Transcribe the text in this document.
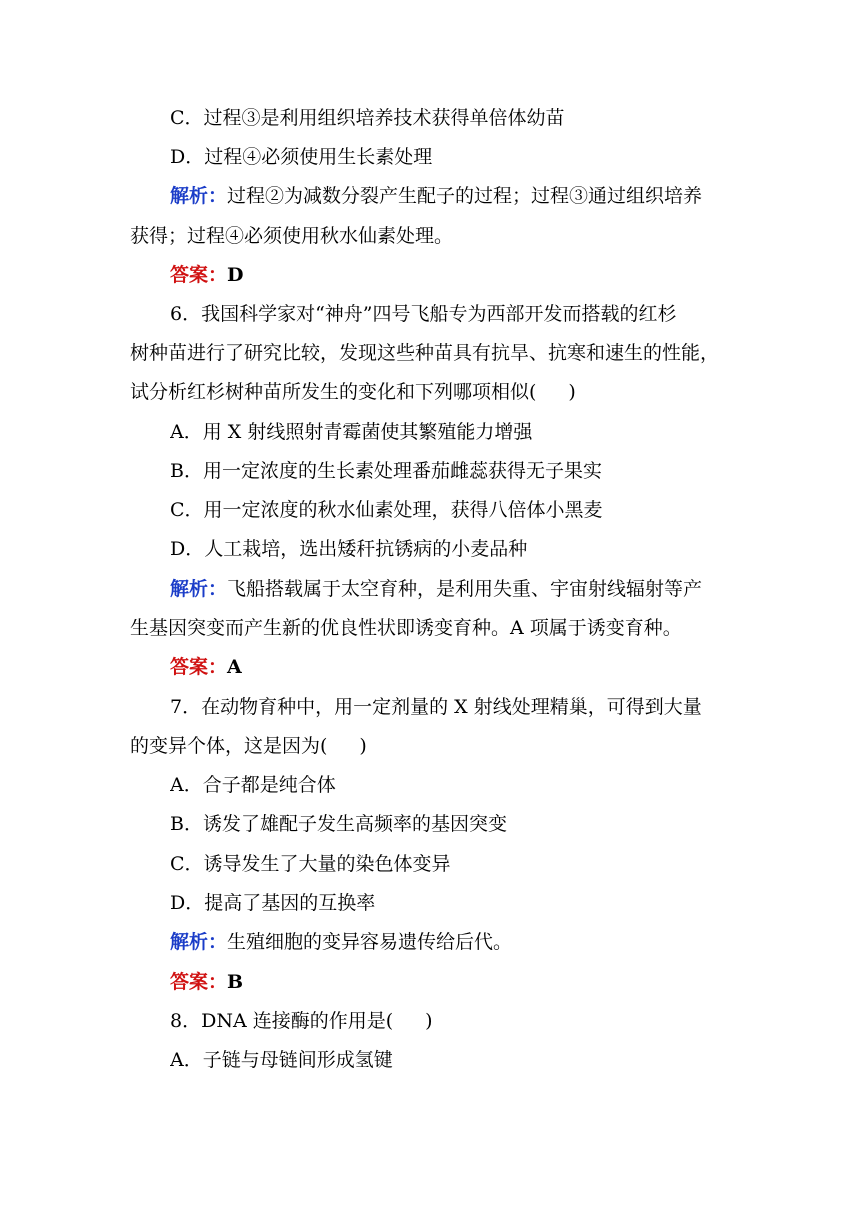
C．过程③是利用组织培养技术获得单倍体幼苗
D．过程④必须使用生长素处理
解析：过程②为减数分裂产生配子的过程；过程③通过组织培养
获得；过程④必须使用秋水仙素处理。
答案：D
6．我国科学家对“神舟”四号飞船专为西部开发而搭载的红杉
树种苗进行了研究比较，发现这些种苗具有抗旱、抗寒和速生的性能，
试分析红杉树种苗所发生的变化和下列哪项相似( )
A．用 X 射线照射青霉菌使其繁殖能力增强
B．用一定浓度的生长素处理番茄雌蕊获得无子果实
C．用一定浓度的秋水仙素处理，获得八倍体小黑麦
D．人工栽培，选出矮秆抗锈病的小麦品种
解析：飞船搭载属于太空育种，是利用失重、宇宙射线辐射等产
生基因突变而产生新的优良性状即诱变育种。A 项属于诱变育种。
答案：A
7．在动物育种中，用一定剂量的 X 射线处理精巢，可得到大量
的变异个体，这是因为( )
A．合子都是纯合体
B．诱发了雄配子发生高频率的基因突变
C．诱导发生了大量的染色体变异
D．提高了基因的互换率
解析：生殖细胞的变异容易遗传给后代。
答案：B
8．DNA 连接酶的作用是( )
A．子链与母链间形成氢键
